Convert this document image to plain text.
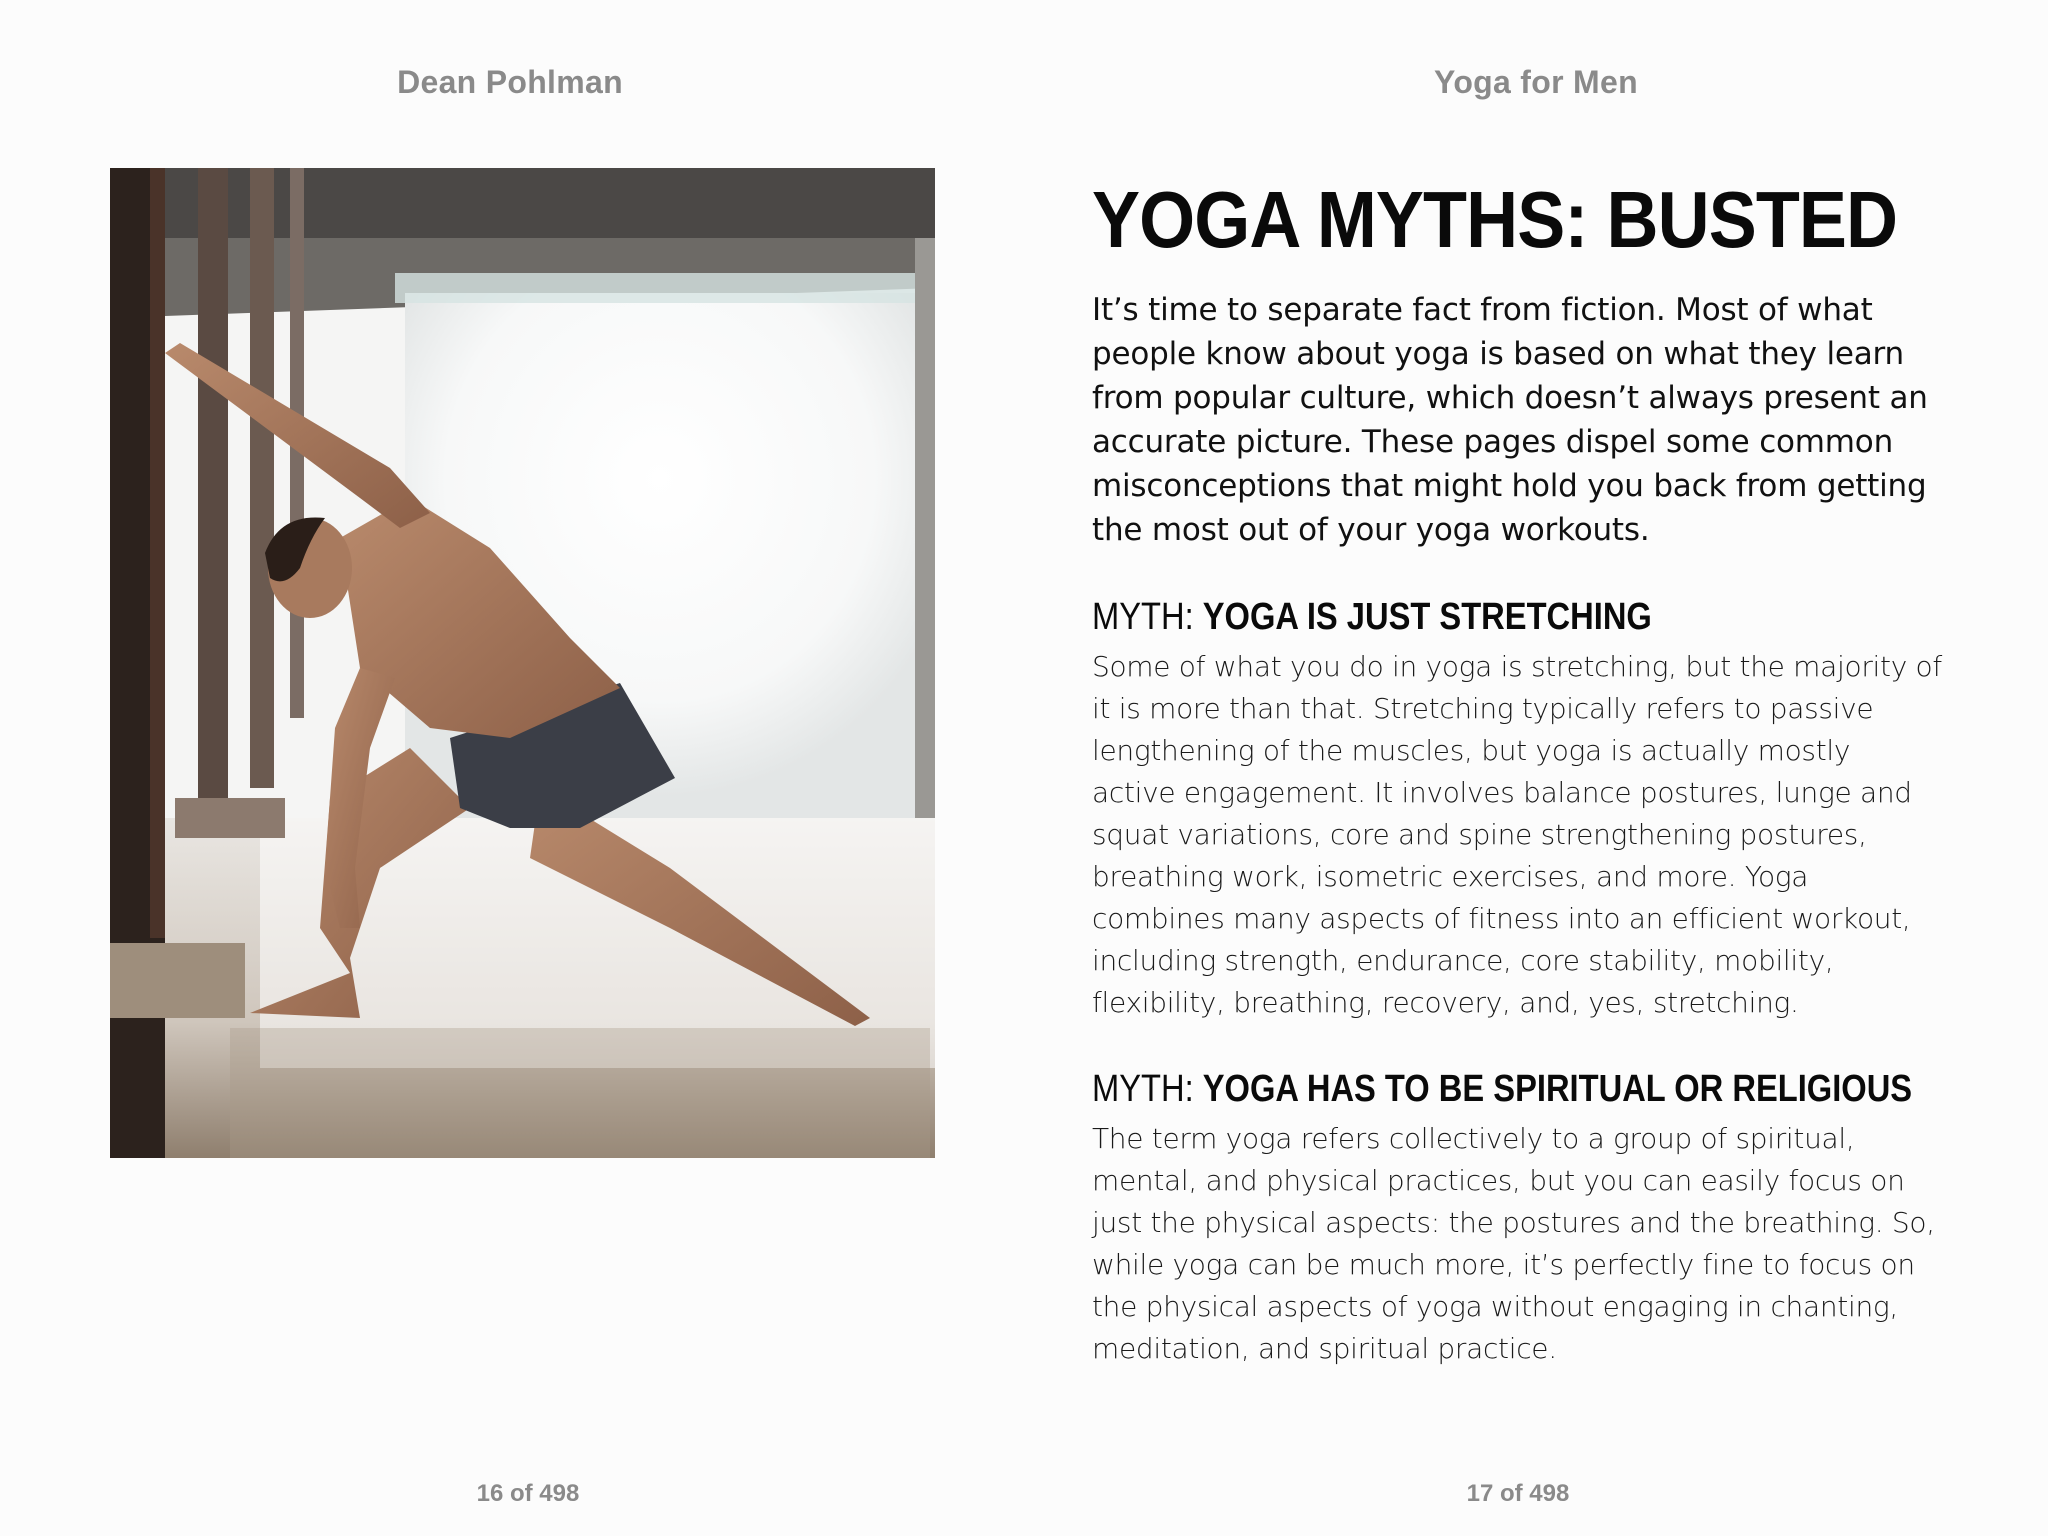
Dean Pohlman	Yoga for Men
YOGA MYTHS: BUSTED

It’s time to separate fact from fiction. Most of what people know about yoga is based on what they learn from popular culture, which doesn’t always present an accurate picture. These pages dispel some common misconceptions that might hold you back from getting the most out of your yoga workouts.

MYTH: YOGA IS JUST STRETCHING

Some of what you do in yoga is stretching, but the majority of it is more than that. Stretching typically refers to passive lengthening of the muscles, but yoga is actually mostly active engagement. It involves balance postures, lunge and squat variations, core and spine strengthening postures, breathing work, isometric exercises, and more. Yoga combines many aspects of fitness into an efficient workout, including strength, endurance, core stability, mobility, flexibility, breathing, recovery, and, yes, stretching.

MYTH: YOGA HAS TO BE SPIRITUAL OR RELIGIOUS

The term yoga refers collectively to a group of spiritual, mental, and physical practices, but you can easily focus on just the physical aspects: the postures and the breathing. So, while yoga can be much more, it’s perfectly fine to focus on the physical aspects of yoga without engaging in chanting, meditation, and spiritual practice.

16 of 498	17 of 498
